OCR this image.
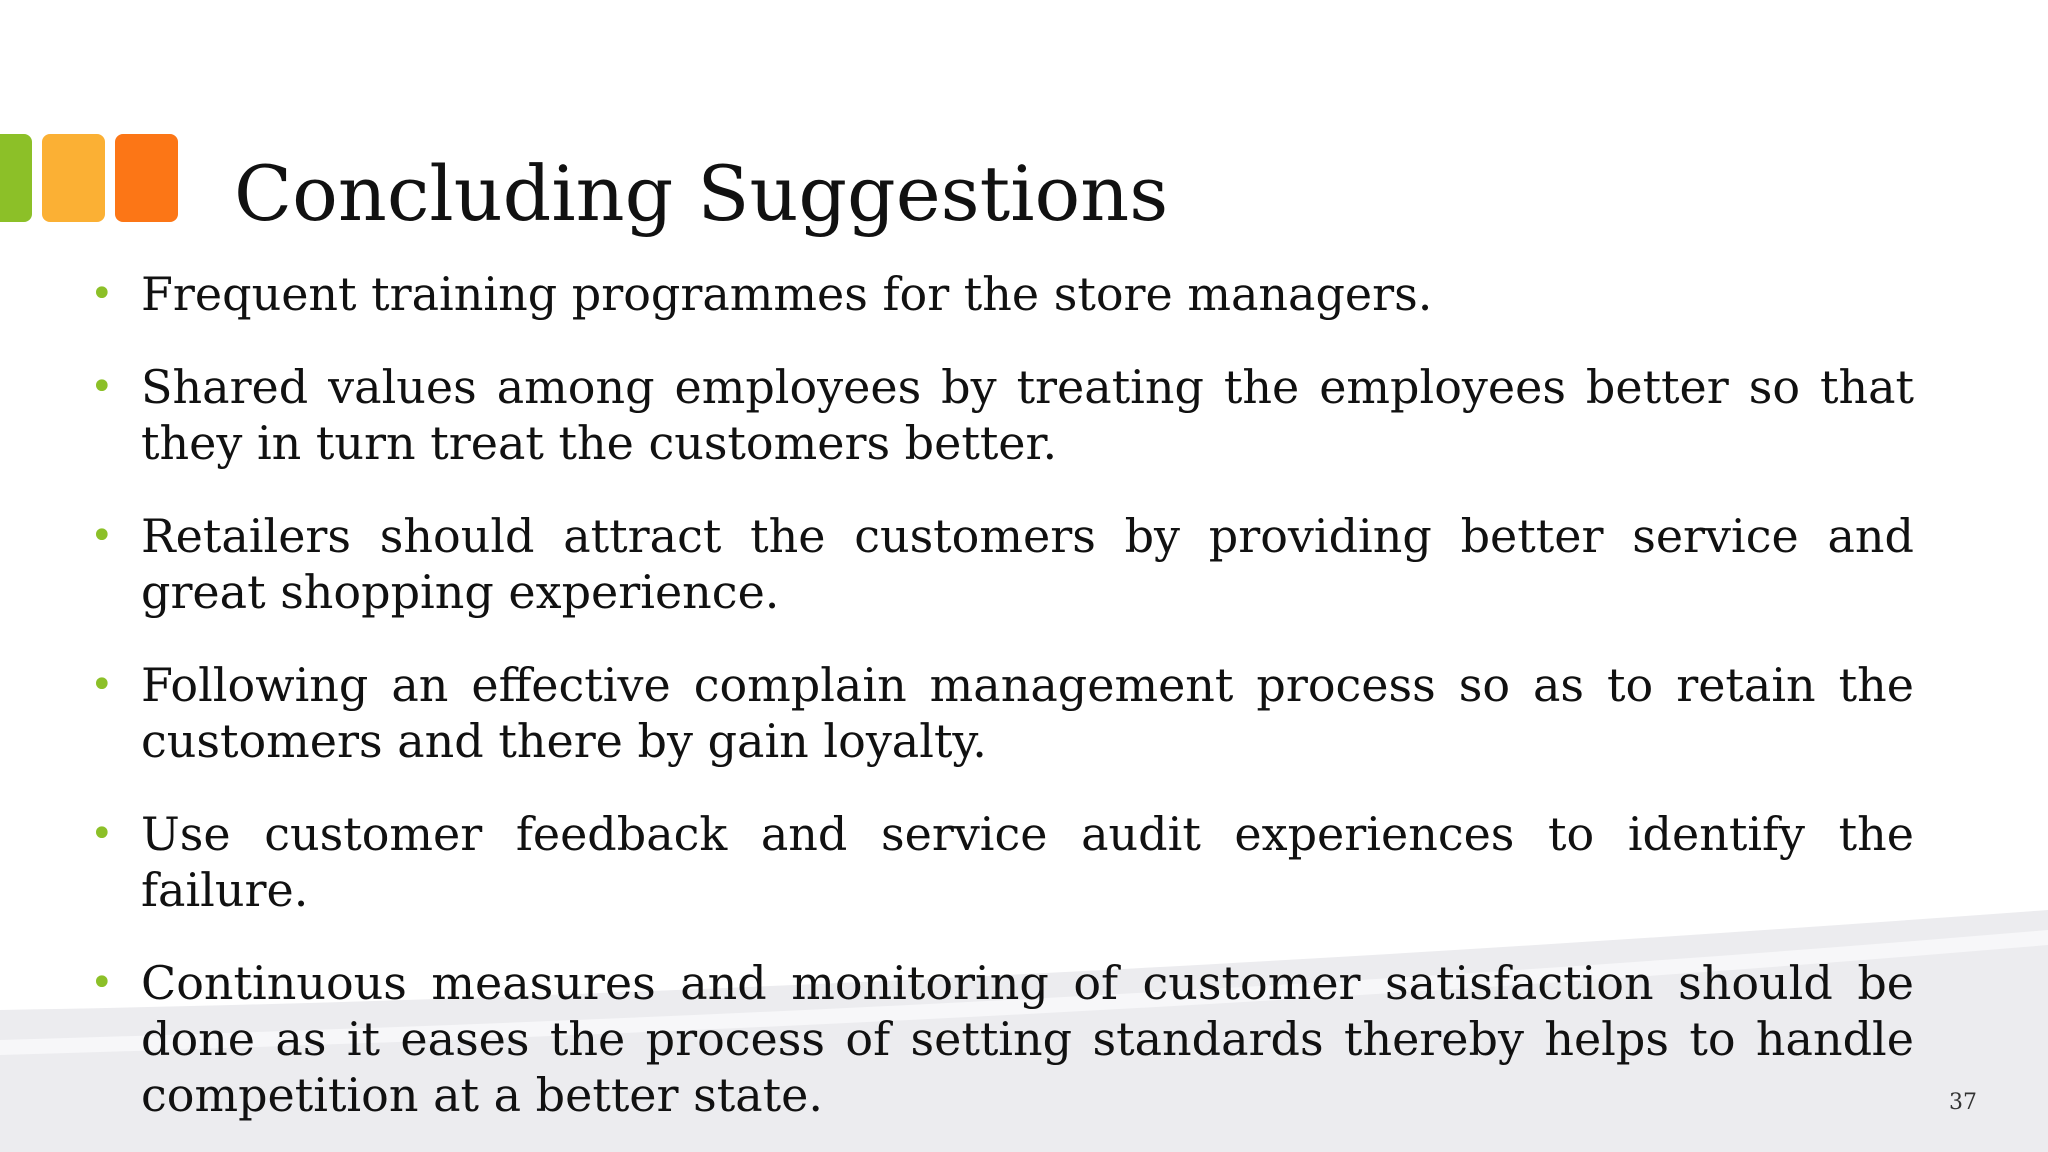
Concluding Suggestions
• Frequent training programmes for the store managers.
• Shared values among employees by treating the employees better so that they in turn treat the customers better.
• Retailers should attract the customers by providing better service and great shopping experience.
• Following an effective complain management process so as to retain the customers and there by gain loyalty.
• Use customer feedback and service audit experiences to identify the failure.
• Continuous measures and monitoring of customer satisfaction should be done as it eases the process of setting standards thereby helps to handle competition at a better state.	37
